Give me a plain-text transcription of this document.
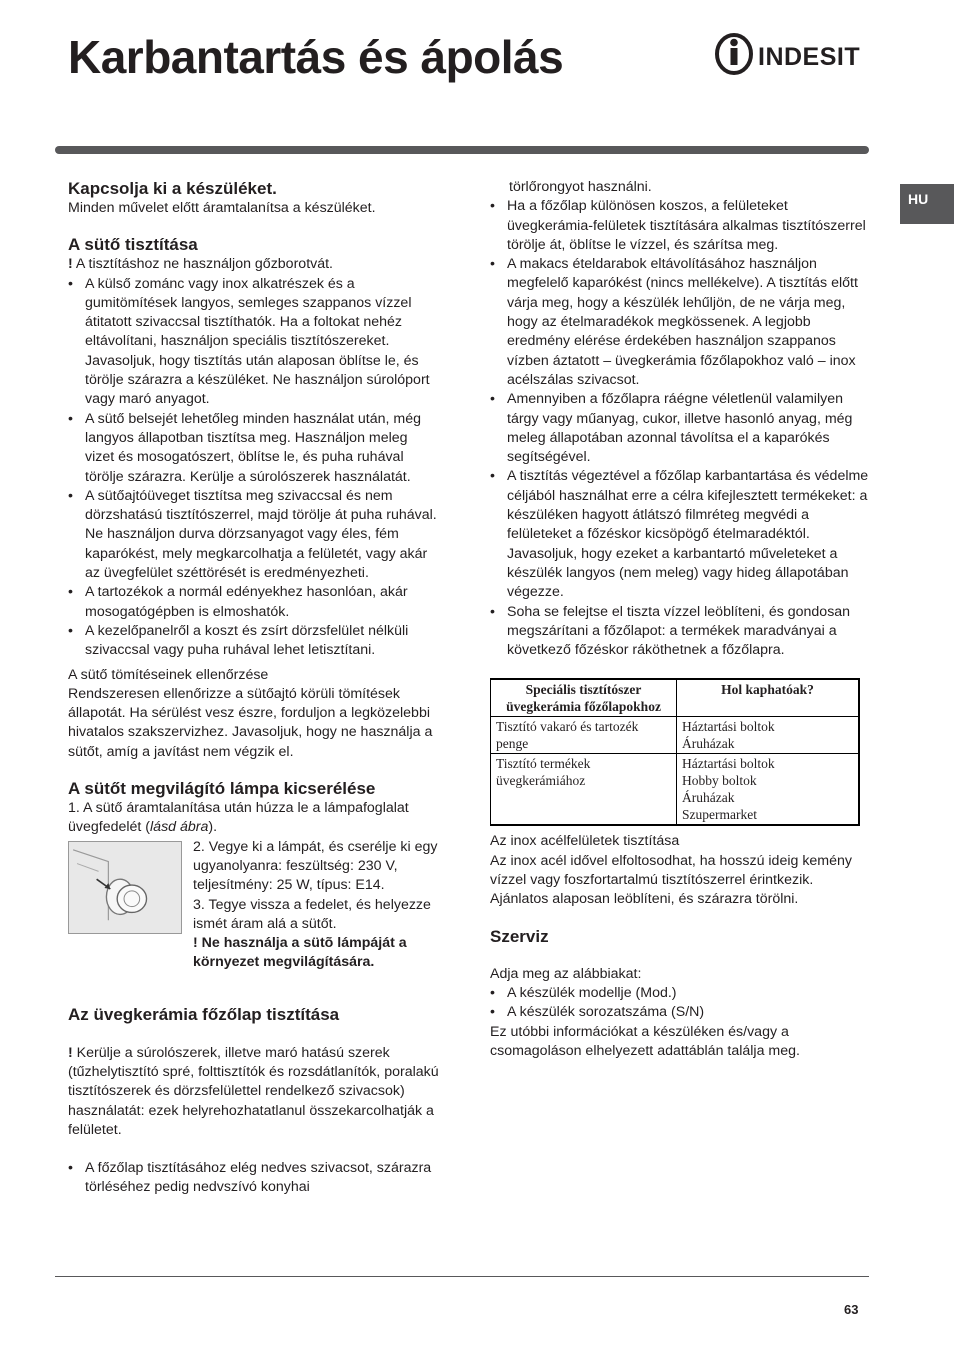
Karbantartás és ápolás	INDESIT
HU
Kapcsolja ki a készüléket.

Minden művelet előtt áramtalanítsa a készüléket.

A sütő tisztítása

! A tisztításhoz ne használjon gőzborotvát.

• A külső zománc vagy inox alkatrészek és a gumitömítések langyos, semleges szappanos vízzel átitatott szivaccsal tisztíthatók. Ha a foltokat nehéz eltávolítani, használjon speciális tisztítószereket. Javasoljuk, hogy tisztítás után alaposan öblítse le, és törölje szárazra a készüléket. Ne használjon súrolóport vagy maró anyagot.
• A sütő belsejét lehetőleg minden használat után, még langyos állapotban tisztítsa meg. Használjon meleg vizet és mosogatószert, öblítse le, és puha ruhával törölje szárazra. Kerülje a súrolószerek használatát.
• A sütőajtóüveget tisztítsa meg szivaccsal és nem dörzshatású tisztítószerrel, majd törölje át puha ruhával. Ne használjon durva dörzsanyagot vagy éles, fém kaparókést, mely megkarcolhatja a felületét, vagy akár az üvegfelület széttörését is eredményezheti.
• A tartozékok a normál edényekhez hasonlóan, akár mosogatógépben is elmoshatók.
• A kezelőpanelről a koszt és zsírt dörzsfelület nélküli szivaccsal vagy puha ruhával lehet letisztítani.

A sütő tömítéseinek ellenőrzése

Rendszeresen ellenőrizze a sütőajtó körüli tömítések állapotát. Ha sérülést vesz észre, forduljon a legközelebbi hivatalos szakszervizhez. Javasoljuk, hogy ne használja a sütőt, amíg a javítást nem végzik el.

A sütőt megvilágító lámpa kicserélése

1. A sütő áramtalanítása után húzza le a lámpafoglalat üvegfedelét (lásd ábra).

2. Vegye ki a lámpát, és cserélje ki egy ugyanolyanra: feszültség: 230 V, teljesítmény: 25 W, típus: E14.

3. Tegye vissza a fedelet, és helyezze ismét áram alá a sütőt.

! Ne használja a sütõ lámpáját a környezet megvilágítására.

Az üvegkerámia főzőlap tisztítása

! Kerülje a súrolószerek, illetve maró hatású szerek (tűzhelytisztító spré, folttisztítók és rozsdátlanítók, poralakú tisztítószerek és dörzsfelülettel rendelkező szivacsok) használatát: ezek helyrehozhatatlanul összekarcolhatják a felületet.

• A főzőlap tisztításához elég nedves szivacsot, szárazra törléséhez pedig nedvszívó konyhai

törlőrongyot használni.

• Ha a főzőlap különösen koszos, a felületeket üvegkerámia-felületek tisztítására alkalmas tisztítószerrel törölje át, öblítse le vízzel, és szárítsa meg.
• A makacs ételdarabok eltávolításához használjon megfelelő kaparókést (nincs mellékelve). A tisztítás előtt várja meg, hogy a készülék lehűljön, de ne várja meg, hogy az ételmaradékok megkössenek. A legjobb eredmény elérése érdekében használjon szappanos vízben áztatott – üvegkerámia főzőlapokhoz való – inox acélszálas szivacsot.
• Amennyiben a főzőlapra ráégne véletlenül valamilyen tárgy vagy műanyag, cukor, illetve hasonló anyag, még meleg állapotában azonnal távolítsa el a kaparókés segítségével.
• A tisztítás végeztével a főzőlap karbantartása és védelme céljából használhat erre a célra kifejlesztett termékeket: a készüléken hagyott átlátszó filmréteg megvédi a felületeket a főzéskor kicsöpögő ételmaradéktól. Javasoljuk, hogy ezeket a karbantartó műveleteket a készülék langyos (nem meleg) vagy hideg állapotában végezze.
• Soha se felejtse el tiszta vízzel leöblíteni, és gondosan megszárítani a főzőlapot: a termékek maradványai a következő főzéskor ráköthetnek a főzőlapra.
Speciális tisztítószer üvegkerámia főzőlapokhoz	Hol kaphatóak?
Tisztító vakaró és tartozék penge	Háztartási boltok
Áruházak

Tisztító termékek üvegkerámiához	Háztartási boltok
Hobby boltok
Áruházak
Szupermarket

Az inox acélfelületek tisztítása

Az inox acél idővel elfoltosodhat, ha hosszú ideig kemény vízzel vagy foszfortartalmú tisztítószerrel érintkezik. Ajánlatos alaposan leöblíteni, és szárazra törölni.

Szerviz

Adja meg az alábbiakat:

• A készülék modellje (Mod.)
• A készülék sorozatszáma (S/N)

Ez utóbbi információkat a készüléken és/vagy a csomagoláson elhelyezett adattáblán találja meg.

63
